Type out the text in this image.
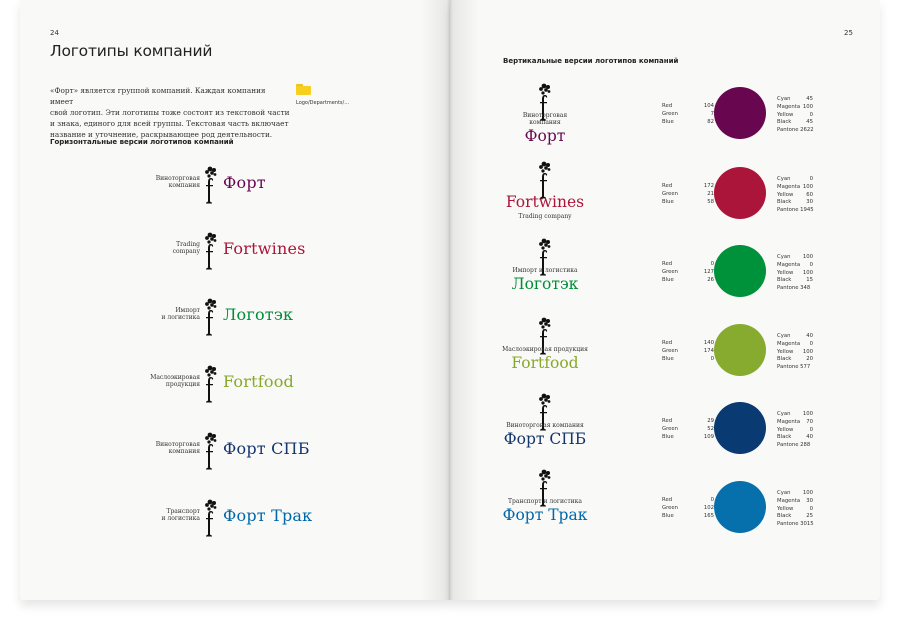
24	25
Логотипы компаний

«Форт» является группой компаний. Каждая компания имеет

свой логотип. Эти логотипы тоже состоят из текстовой части

и знака, единого для всей группы. Текстовая часть включает

название и уточнение, раскрывающее род деятельности.

Logo/Departments/…
Горизонтальные версии логотипов компаний
Вертикальные версии логотипов компаний
Виноторговая
компания Форт
Trading
company Fortwines
Импорт
и логистика Логотэк
Маслоэкировая
продукция Fortfood
Виноторговая
компания Форт СПБ
Транспорт
и логистика Форт Трак
Виноторговая
компания
Форт
Fortwines
Trading company
Импорт и логистика
Логотэк
Маслоэкировая продукция
Fortfood
Виноторговая компания
Форт СПБ
Транспорт и логистика
Форт Трак
Red	104
Green	7
Blue	82
Cyan	45
Magenta 100
Yellow	0
Black	45
Pantone 2622
Red	172
Green	21
Blue	58
Cyan	0
Magenta 100
Yellow 60
Black	30
Pantone 1945
Red	0
Green	127
Blue	26
Cyan 100
Magenta 0
Yellow 100
Black	15
Pantone 348
Red	140
Green	174
Blue	0
Cyan	40
Magenta 0
Yellow 100
Black	20
Pantone 577
Red	29
Green	52
Blue	109
Cyan 100
Magenta 70
Yellow	0
Black	40
Pantone 288
Red	0
Green	102
Blue	165
Cyan 100
Magenta 30
Yellow	0
Black	25
Pantone 3015
